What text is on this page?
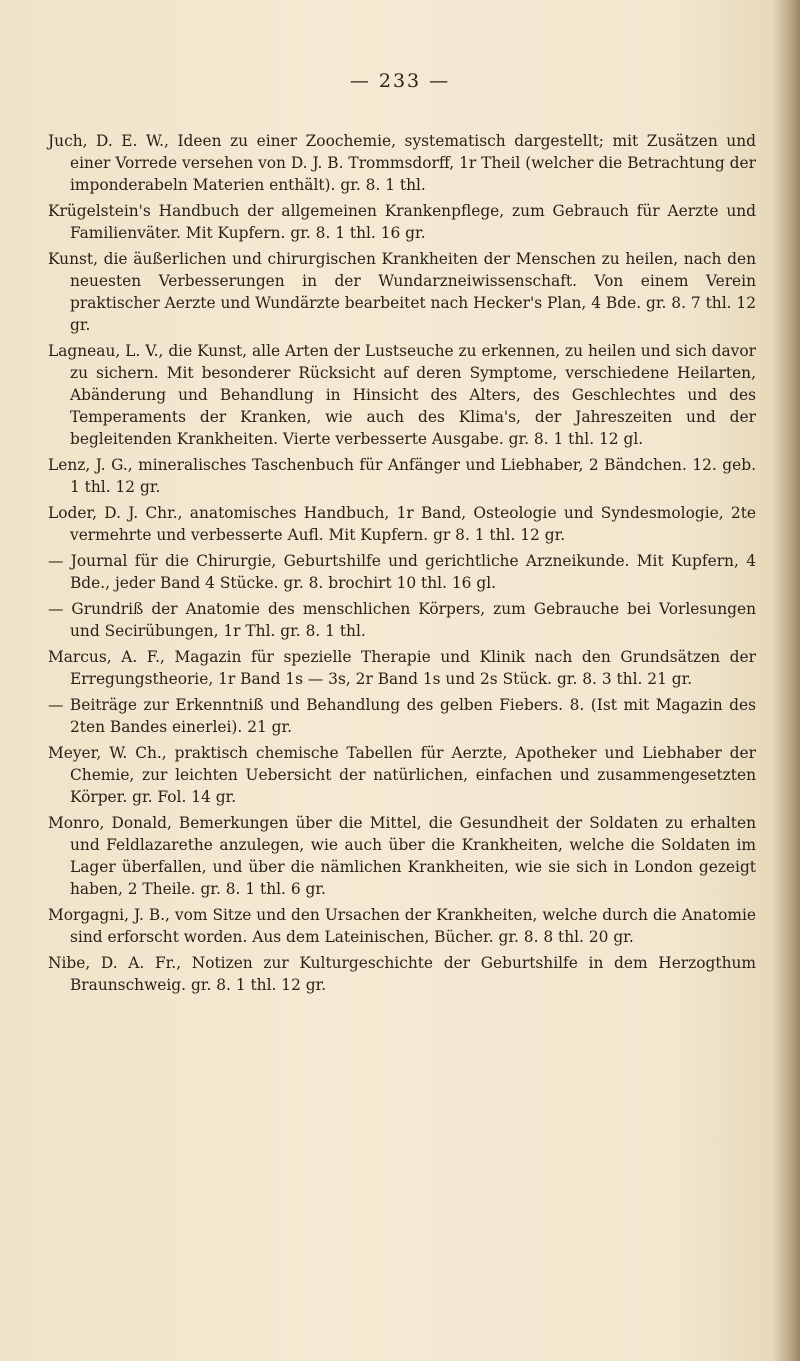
— 233 —

Juch, D. E. W., Ideen zu einer Zoochemie, systematisch dargestellt; mit Zusätzen und einer Vorrede versehen von D. J. B. Trommsdorff, 1r Theil (welcher die Betrachtung der imponderabeln Materien enthält). gr. 8. 1 thl.

Krügelstein's Handbuch der allgemeinen Krankenpflege, zum Gebrauch für Aerzte und Familienväter. Mit Kupfern. gr. 8. 1 thl. 16 gr.

Kunst, die äußerlichen und chirurgischen Krankheiten der Menschen zu heilen, nach den neuesten Verbesserungen in der Wundarzneiwissenschaft. Von einem Verein praktischer Aerzte und Wundärzte bearbeitet nach Hecker's Plan, 4 Bde. gr. 8. 7 thl. 12 gr.

Lagneau, L. V., die Kunst, alle Arten der Lustseuche zu erkennen, zu heilen und sich davor zu sichern. Mit besonderer Rücksicht auf deren Symptome, verschiedene Heilarten, Abänderung und Behandlung in Hinsicht des Alters, des Geschlechtes und des Temperaments der Kranken, wie auch des Klima's, der Jahreszeiten und der begleitenden Krankheiten. Vierte verbesserte Ausgabe. gr. 8. 1 thl. 12 gl.

Lenz, J. G., mineralisches Taschenbuch für Anfänger und Liebhaber, 2 Bändchen. 12. geb. 1 thl. 12 gr.

Loder, D. J. Chr., anatomisches Handbuch, 1r Band, Osteologie und Syndesmologie, 2te vermehrte und verbesserte Aufl. Mit Kupfern. gr 8. 1 thl. 12 gr.

— Journal für die Chirurgie, Geburtshilfe und gerichtliche Arzneikunde. Mit Kupfern, 4 Bde., jeder Band 4 Stücke. gr. 8. brochirt 10 thl. 16 gl.

— Grundriß der Anatomie des menschlichen Körpers, zum Gebrauche bei Vorlesungen und Secirübungen, 1r Thl. gr. 8. 1 thl.

Marcus, A. F., Magazin für spezielle Therapie und Klinik nach den Grundsätzen der Erregungstheorie, 1r Band 1s — 3s, 2r Band 1s und 2s Stück. gr. 8. 3 thl. 21 gr.

— Beiträge zur Erkenntniß und Behandlung des gelben Fiebers. 8. (Ist mit Magazin des 2ten Bandes einerlei). 21 gr.

Meyer, W. Ch., praktisch chemische Tabellen für Aerzte, Apotheker und Liebhaber der Chemie, zur leichten Uebersicht der natürlichen, einfachen und zusammengesetzten Körper. gr. Fol. 14 gr.

Monro, Donald, Bemerkungen über die Mittel, die Gesundheit der Soldaten zu erhalten und Feldlazarethe anzulegen, wie auch über die Krankheiten, welche die Soldaten im Lager überfallen, und über die nämlichen Krankheiten, wie sie sich in London gezeigt haben, 2 Theile. gr. 8. 1 thl. 6 gr.

Morgagni, J. B., vom Sitze und den Ursachen der Krankheiten, welche durch die Anatomie sind erforscht worden. Aus dem Lateinischen, Bücher. gr. 8. 8 thl. 20 gr.

Nibe, D. A. Fr., Notizen zur Kulturgeschichte der Geburtshilfe in dem Herzogthum Braunschweig. gr. 8. 1 thl. 12 gr.
